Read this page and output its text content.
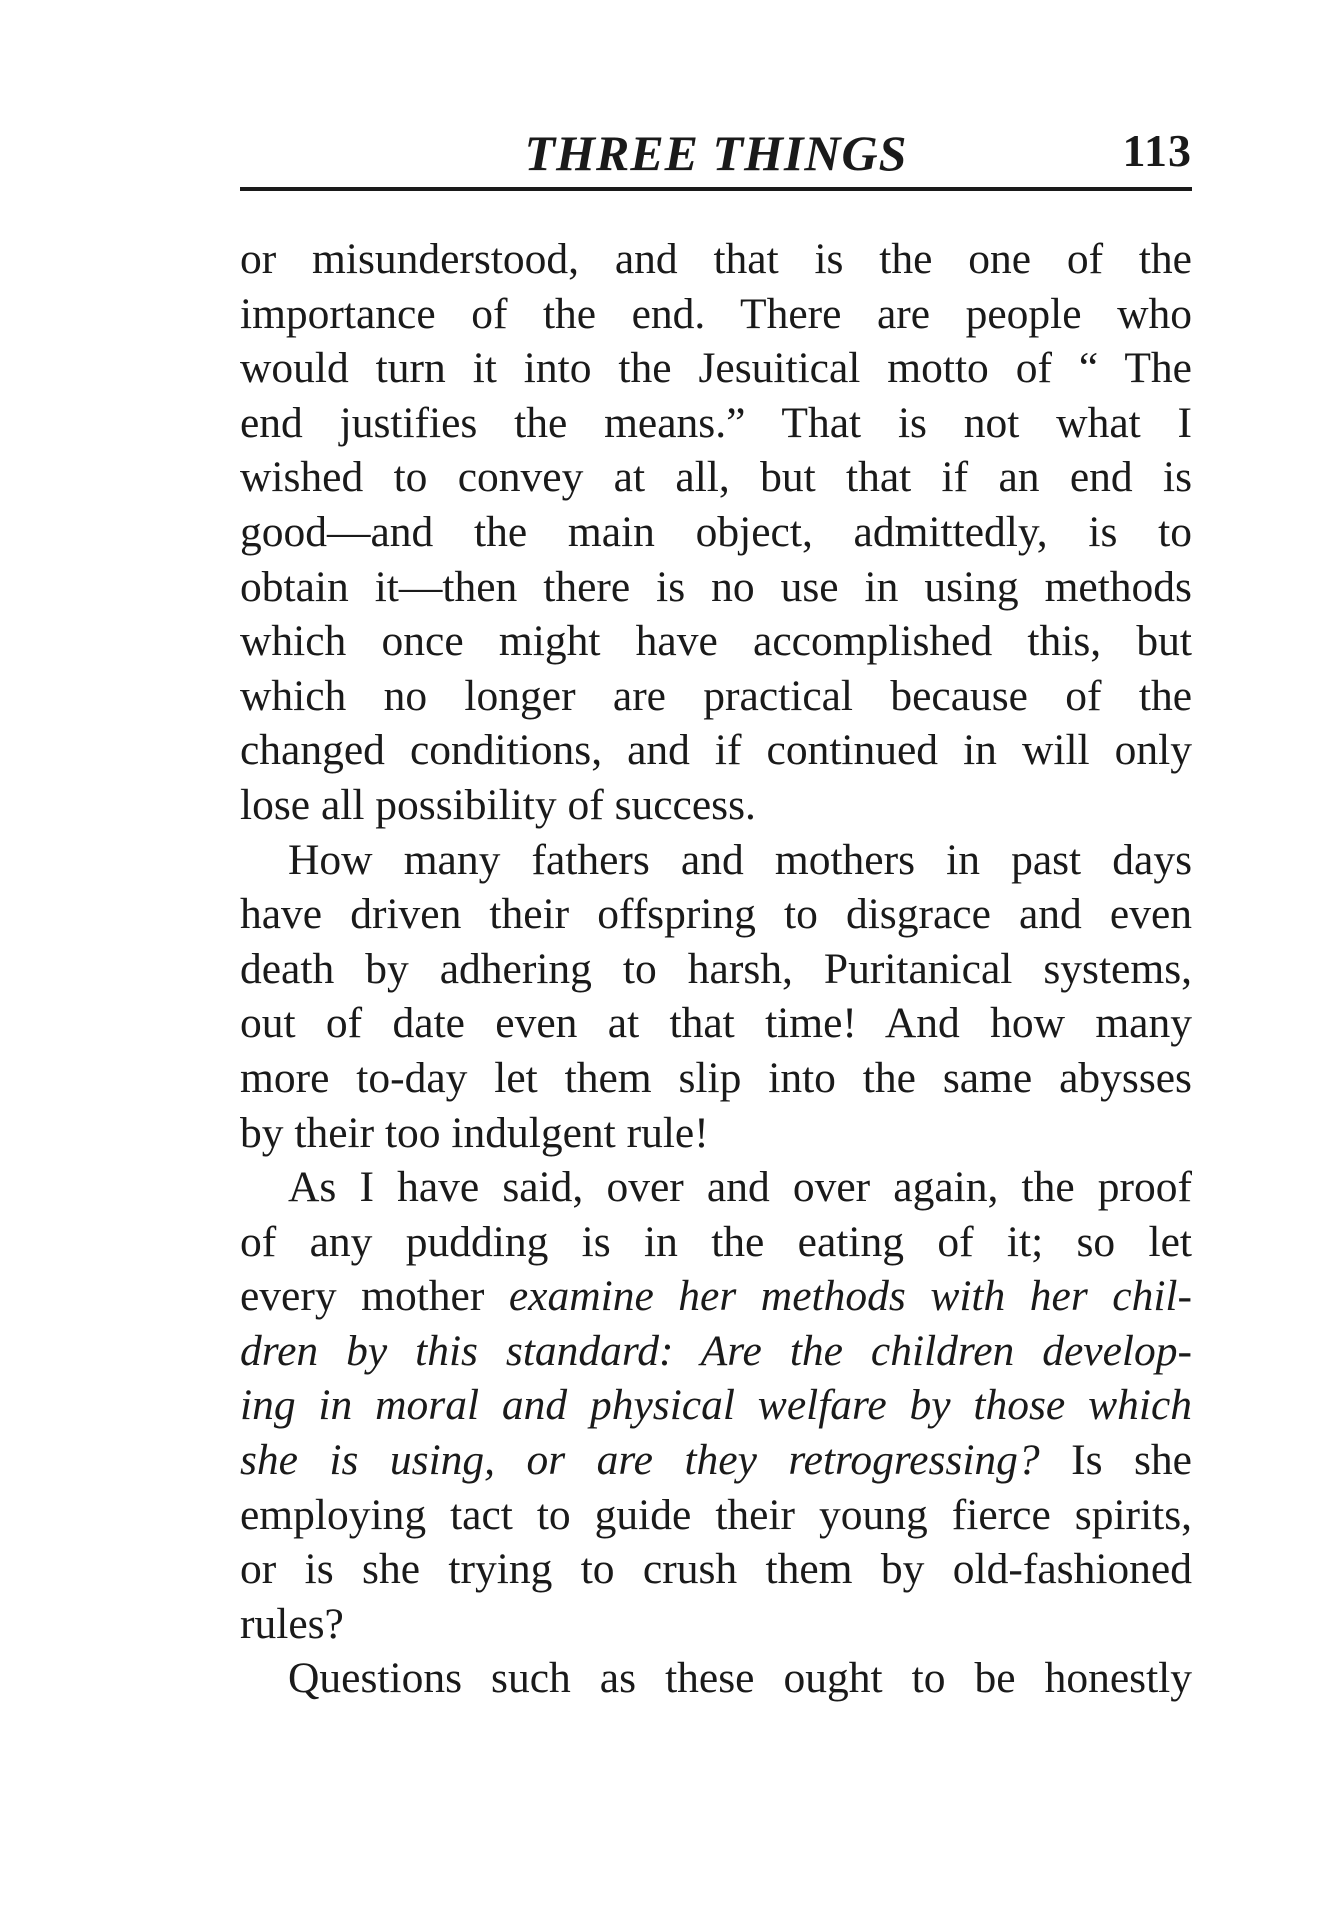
THREE THINGS	113

or misunderstood, and that is the one of the
importance of the end. There are people who
would turn it into the Jesuitical motto of “ The
end justifies the means.” That is not what I
wished to convey at all, but that if an end is
good—and the main object, admittedly, is to
obtain it—then there is no use in using methods
which once might have accomplished this, but
which no longer are practical because of the
changed conditions, and if continued in will only
lose all possibility of success.

How many fathers and mothers in past days
have driven their offspring to disgrace and even
death by adhering to harsh, Puritanical systems,
out of date even at that time! And how many
more to-day let them slip into the same abysses
by their too indulgent rule!

As I have said, over and over again, the proof
of any pudding is in the eating of it; so let
every mother examine her methods with her chil-
dren by this standard: Are the children develop-
ing in moral and physical welfare by those which
she is using, or are they retrogressing? Is she
employing tact to guide their young fierce spirits,
or is she trying to crush them by old-fashioned
rules?

Questions such as these ought to be honestly
